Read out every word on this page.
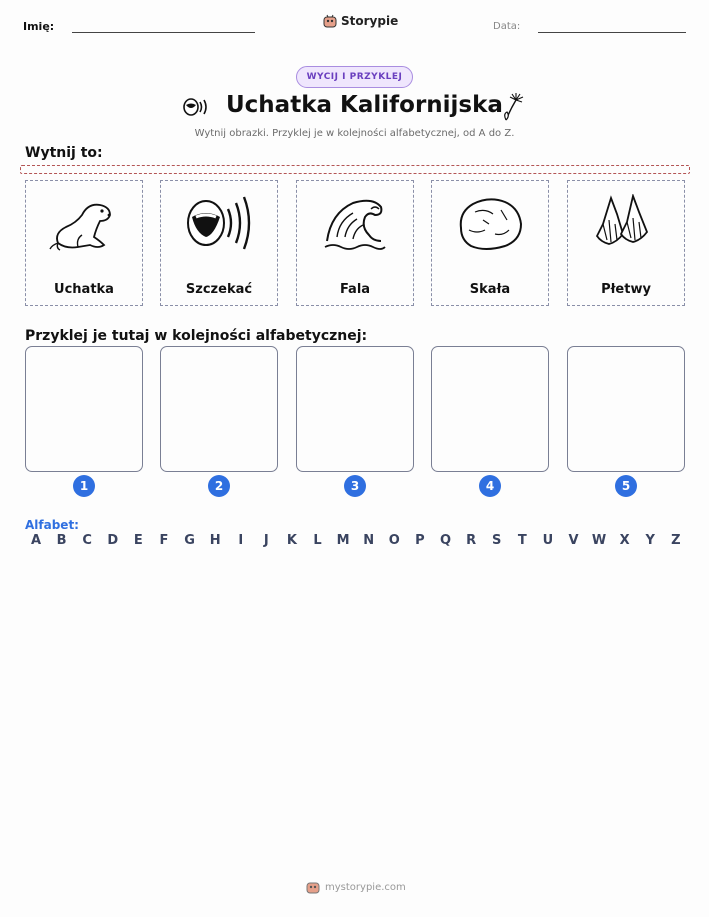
Imię:	Storypie	Data:
WYCIJ I PRZYKLEJ
Uchatka Kalifornijska
Wytnij obrazki. Przyklej je w kolejności alfabetycznej, od A do Z.
Wytnij to:
Uchatka	Szczekać	Fala	Skała	Płetwy
Przyklej je tutaj w kolejności alfabetycznej:
1	2	3	4	5
Alfabet:
A B C D E F G H	I	J	K L M N O P Q R S T U V W X Y Z
mystorypie.com
